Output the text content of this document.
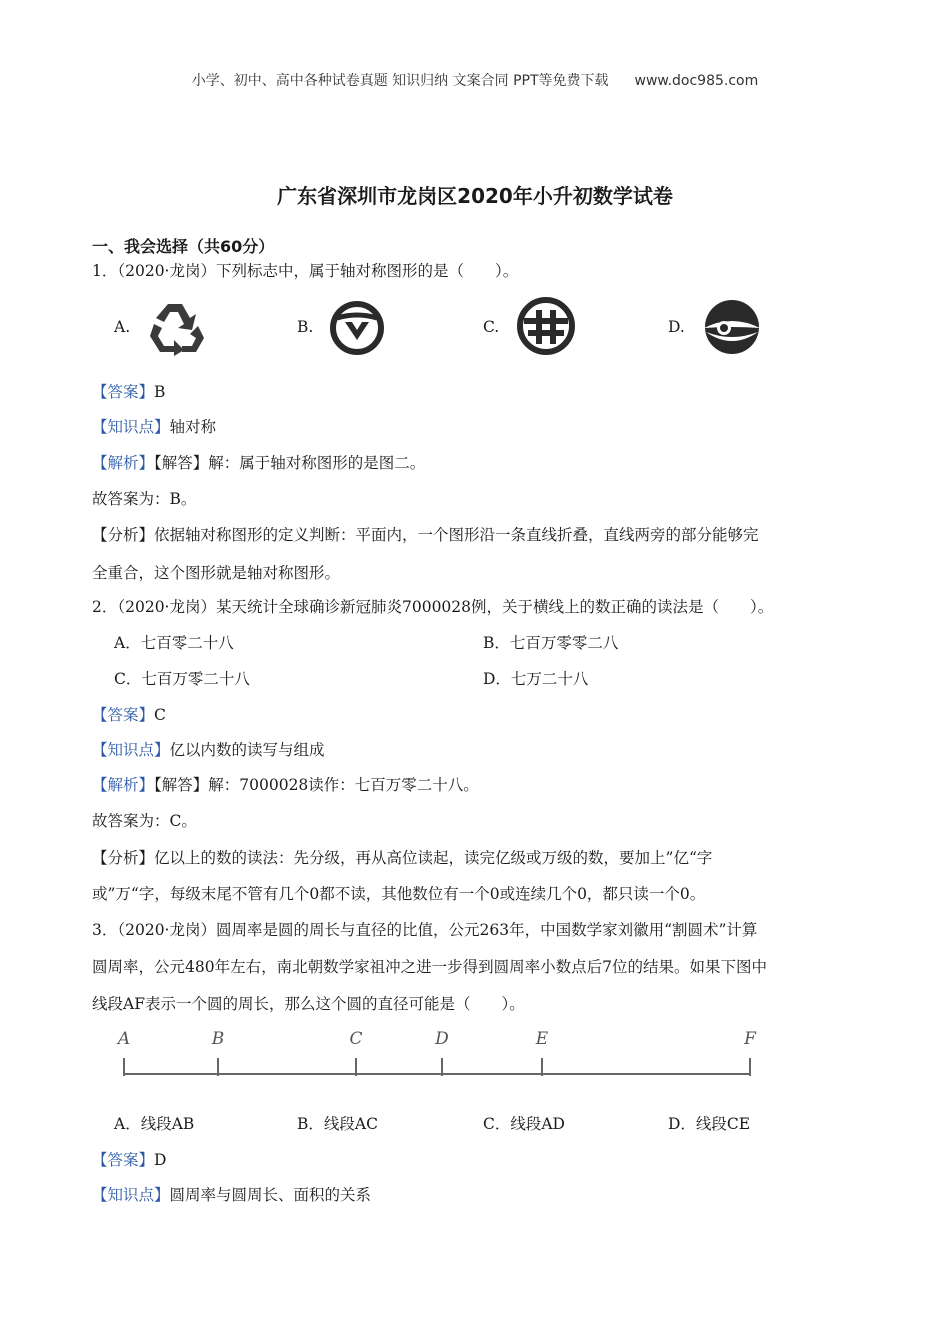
小学、初中、高中各种试卷真题 知识归纳 文案合同 PPT等免费下载 www.doc985.com
广东省深圳市龙岗区2020年小升初数学试卷
一、我会选择（共60分）
1．（2020·龙岗）下列标志中，属于轴对称图形的是（　　）。
A.	B.	C.	D.
【答案】B
【知识点】轴对称
【解析】【解答】解：属于轴对称图形的是图二。
故答案为：B。
【分析】依据轴对称图形的定义判断：平面内，一个图形沿一条直线折叠，直线两旁的部分能够完
全重合，这个图形就是轴对称图形。
2．（2020·龙岗）某天统计全球确诊新冠肺炎7000028例，关于横线上的数正确的读法是（　　）。
A．七百零二十八	B．七百万零零二八
C．七百万零二十八	D．七万二十八
【答案】C
【知识点】亿以内数的读写与组成
【解析】【解答】解：7000028读作：七百万零二十八。
故答案为：C。
【分析】亿以上的数的读法：先分级，再从高位读起，读完亿级或万级的数，要加上”亿“字
或”万“字，每级末尾不管有几个0都不读，其他数位有一个0或连续几个0，都只读一个0。
3．（2020·龙岗）圆周率是圆的周长与直径的比值，公元263年，中国数学家刘徽用“割圆术”计算
圆周率，公元480年左右，南北朝数学家祖冲之进一步得到圆周率小数点后7位的结果。如果下图中
线段AF表示一个圆的周长，那么这个圆的直径可能是（　　）。
A	B	C	D	E	F
A．线段AB	B．线段AC	C．线段AD	D．线段CE
【答案】D
【知识点】圆周率与圆周长、面积的关系
